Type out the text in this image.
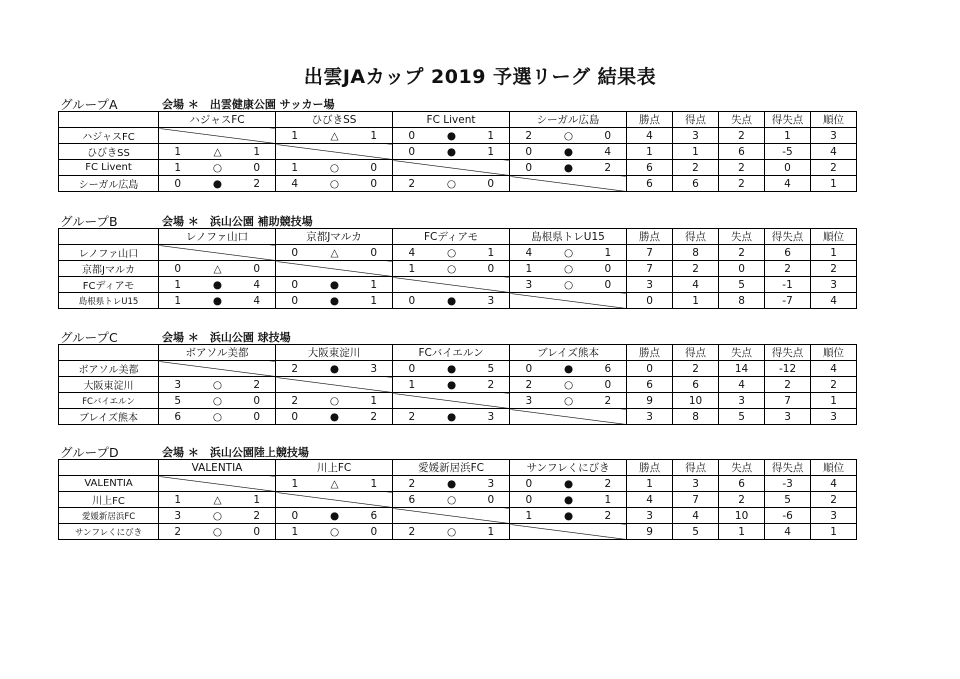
出雲JAカップ 2019 予選リーグ 結果表
グループA	会場 ＊　出雲健康公園 サッカー場
	ハジャスFC			ひびきSS			FC Livent			シーガル広島			勝点	得点	失点	得失点	順位
ハジャスFC				1	△	1	0	●	1	2	○	0	4	3	2	1	3
ひびきSS	1	△	1				0	●	1	0	●	4	1	1	6	-5	4
FC Livent	1	○	0	1	○	0				0	●	2	6	2	2	0	2
シーガル広島	0	●	2	4	○	0	2	○	0				6	6	2	4	1
グループB	会場 ＊　浜山公園 補助競技場
	レノファ山口			京都Jマルカ			FCディアモ			島根県トレU15			勝点	得点	失点	得失点	順位
レノファ山口				0	△	0	4	○	1	4	○	1	7	8	2	6	1
京都Jマルカ	0	△	0				1	○	0	1	○	0	7	2	0	2	2
FCディアモ	1	●	4	0	●	1				3	○	0	3	4	5	-1	3
島根県トレU15	1	●	4	0	●	1	0	●	3				0	1	8	-7	4
グループC	会場 ＊　浜山公園 球技場
	ボアソル美都			大阪東淀川			FCバイエルン			ブレイズ熊本			勝点	得点	失点	得失点	順位
ボアソル美都				2	●	3	0	●	5	0	●	6	0	2	14	-12	4
大阪東淀川	3	○	2				1	●	2	2	○	0	6	6	4	2	2
FCバイエルン	5	○	0	2	○	1				3	○	2	9	10	3	7	1
ブレイズ熊本	6	○	0	0	●	2	2	●	3				3	8	5	3	3
グループD	会場 ＊　浜山公園陸上競技場
	VALENTIA			川上FC			愛媛新居浜FC			サンフレくにびき			勝点	得点	失点	得失点	順位
VALENTIA				1	△	1	2	●	3	0	●	2	1	3	6	-3	4
川上FC	1	△	1				6	○	0	0	●	1	4	7	2	5	2
愛媛新居浜FC	3	○	2	0	●	6				1	●	2	3	4	10	-6	3
サンフレくにびき	2	○	0	1	○	0	2	○	1				9	5	1	4	1
